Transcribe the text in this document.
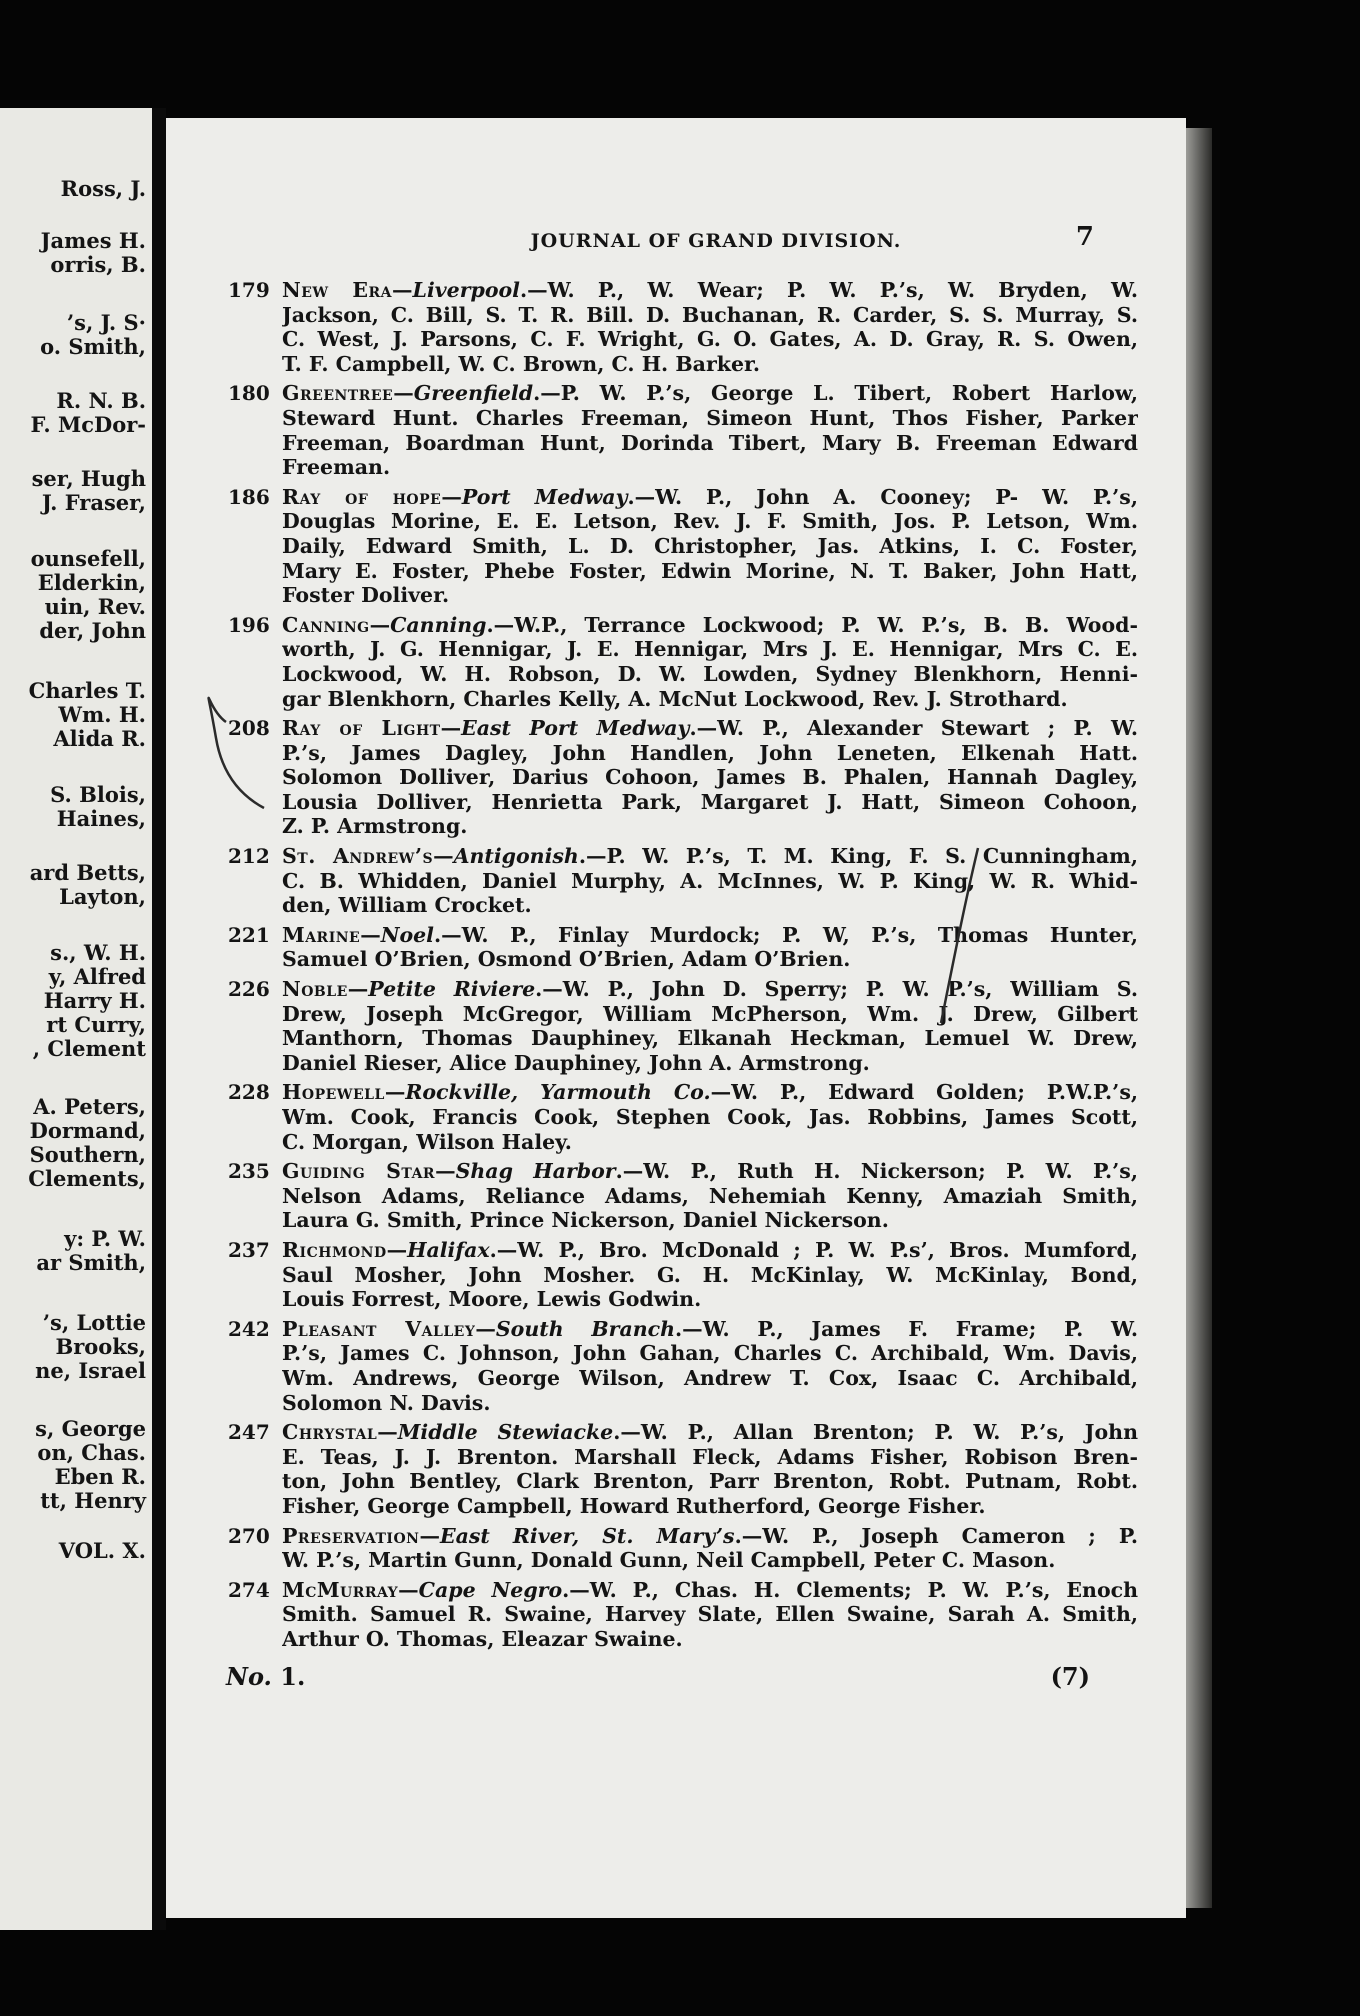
Ross, J.
James H.
orris, B.
’s, J. S·
o. Smith,
R. N. B.
F. McDor-
ser, Hugh
J. Fraser,
ounsefell,
Elderkin,
uin, Rev.
der, John
Charles T.
Wm. H.
Alida R.
S. Blois,
Haines,
ard Betts,
Layton,
s., W. H.
y, Alfred
Harry H.
rt Curry,
, Clement
A. Peters,
Dormand,
Southern,
Clements,
y: P. W.
ar Smith,
’s, Lottie
Brooks,
ne, Israel
s, George
on, Chas.
Eben R.
tt, Henry
VOL. X.
JOURNAL OF GRAND DIVISION.	7
179 New Era—Liverpool.—W. P., W. Wear; P. W. P.’s, W. Bryden, W.
Jackson, C. Bill, S. T. R. Bill. D. Buchanan, R. Carder, S. S. Murray, S.
C. West, J. Parsons, C. F. Wright, G. O. Gates, A. D. Gray, R. S. Owen,
T. F. Campbell, W. C. Brown, C. H. Barker.
180 Greentree—Greenfield.—P. W. P.’s, George L. Tibert, Robert Harlow,
Steward Hunt. Charles Freeman, Simeon Hunt, Thos Fisher, Parker
Freeman, Boardman Hunt, Dorinda Tibert, Mary B. Freeman Edward
Freeman.
186 Ray of hope—Port Medway.—W. P., John A. Cooney; P- W. P.’s,
Douglas Morine, E. E. Letson, Rev. J. F. Smith, Jos. P. Letson, Wm.
Daily, Edward Smith, L. D. Christopher, Jas. Atkins, I. C. Foster,
Mary E. Foster, Phebe Foster, Edwin Morine, N. T. Baker, John Hatt,
Foster Doliver.
196 Canning—Canning.—W.P., Terrance Lockwood; P. W. P.’s, B. B. Wood-
worth, J. G. Hennigar, J. E. Hennigar, Mrs J. E. Hennigar, Mrs C. E.
Lockwood, W. H. Robson, D. W. Lowden, Sydney Blenkhorn, Henni-
gar Blenkhorn, Charles Kelly, A. McNut Lockwood, Rev. J. Strothard.
208 Ray of Light—East Port Medway.—W. P., Alexander Stewart ; P. W.
P.’s, James Dagley, John Handlen, John Leneten, Elkenah Hatt.
Solomon Dolliver, Darius Cohoon, James B. Phalen, Hannah Dagley,
Lousia Dolliver, Henrietta Park, Margaret J. Hatt, Simeon Cohoon,
Z. P. Armstrong.
212 St. Andrew’s—Antigonish.—P. W. P.’s, T. M. King, F. S. Cunningham,
C. B. Whidden, Daniel Murphy, A. McInnes, W. P. King, W. R. Whid-
den, William Crocket.
221 Marine—Noel.—W. P., Finlay Murdock; P. W, P.’s, Thomas Hunter,
Samuel O’Brien, Osmond O’Brien, Adam O’Brien.
226 Noble—Petite Riviere.—W. P., John D. Sperry; P. W. P.’s, William S.
Drew, Joseph McGregor, William McPherson, Wm. J. Drew, Gilbert
Manthorn, Thomas Dauphiney, Elkanah Heckman, Lemuel W. Drew,
Daniel Rieser, Alice Dauphiney, John A. Armstrong.
228 Hopewell—Rockville, Yarmouth Co.—W. P., Edward Golden; P.W.P.’s,
Wm. Cook, Francis Cook, Stephen Cook, Jas. Robbins, James Scott,
C. Morgan, Wilson Haley.
235 Guiding Star—Shag Harbor.—W. P., Ruth H. Nickerson; P. W. P.’s,
Nelson Adams, Reliance Adams, Nehemiah Kenny, Amaziah Smith,
Laura G. Smith, Prince Nickerson, Daniel Nickerson.
237 Richmond—Halifax.—W. P., Bro. McDonald ; P. W. P.s’, Bros. Mumford,
Saul Mosher, John Mosher. G. H. McKinlay, W. McKinlay, Bond,
Louis Forrest, Moore, Lewis Godwin.
242 Pleasant Valley—South Branch.—W. P., James F. Frame; P. W.
P.’s, James C. Johnson, John Gahan, Charles C. Archibald, Wm. Davis,
Wm. Andrews, George Wilson, Andrew T. Cox, Isaac C. Archibald,
Solomon N. Davis.
247 Chrystal—Middle Stewiacke.—W. P., Allan Brenton; P. W. P.’s, John
E. Teas, J. J. Brenton. Marshall Fleck, Adams Fisher, Robison Bren-
ton, John Bentley, Clark Brenton, Parr Brenton, Robt. Putnam, Robt.
Fisher, George Campbell, Howard Rutherford, George Fisher.
270 Preservation—East River, St. Mary’s.—W. P., Joseph Cameron ; P.
W. P.’s, Martin Gunn, Donald Gunn, Neil Campbell, Peter C. Mason.
274 McMurray—Cape Negro.—W. P., Chas. H. Clements; P. W. P.’s, Enoch
Smith. Samuel R. Swaine, Harvey Slate, Ellen Swaine, Sarah A. Smith,
Arthur O. Thomas, Eleazar Swaine.
No. 1.	(7)
